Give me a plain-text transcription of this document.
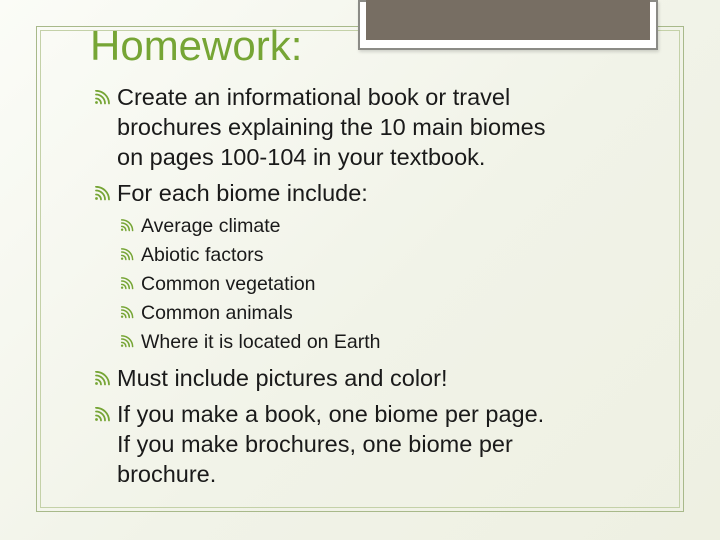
Homework:
Create an informational book or travel
brochures explaining the 10 main biomes
on pages 100-104 in your textbook.
For each biome include:
Average climate
Abiotic factors
Common vegetation
Common animals
Where it is located on Earth
Must include pictures and color!
If you make a book, one biome per page.
If you make brochures, one biome per
brochure.
